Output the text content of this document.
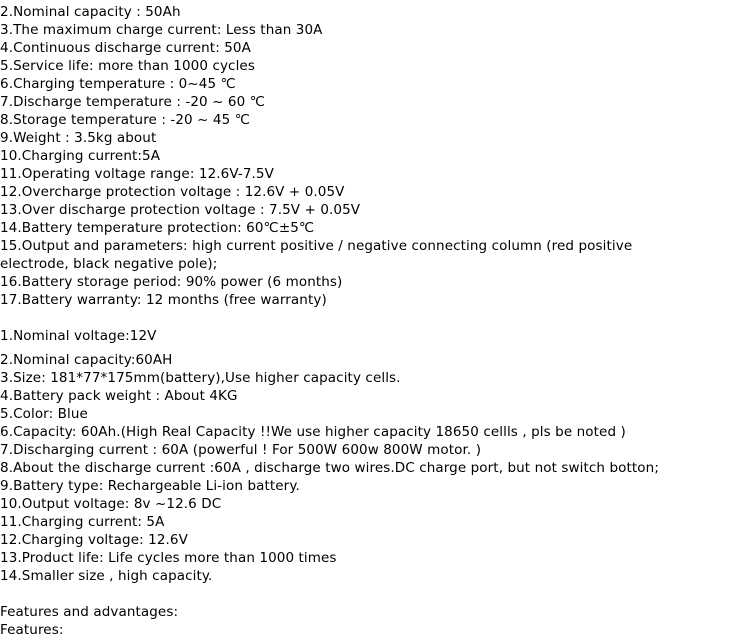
2.Nominal capacity : 50Ah
3.The maximum charge current: Less than 30A
4.Continuous discharge current: 50A
5.Service life: more than 1000 cycles
6.Charging temperature : 0~45 ℃
7.Discharge temperature : -20 ~ 60 ℃
8.Storage temperature : -20 ~ 45 ℃
9.Weight : 3.5kg about
10.Charging current:5A
11.Operating voltage range: 12.6V-7.5V
12.Overcharge protection voltage : 12.6V + 0.05V
13.Over discharge protection voltage : 7.5V + 0.05V
14.Battery temperature protection: 60℃±5℃
15.Output and parameters: high current positive / negative connecting column (red positive electrode, black negative pole);
16.Battery storage period: 90% power (6 months)
17.Battery warranty: 12 months (free warranty)
1.Nominal voltage:12V
2.Nominal capacity:60AH
3.Size: 181*77*175mm(battery),Use higher capacity cells.
4.Battery pack weight : About 4KG
5.Color: Blue
6.Capacity: 60Ah.(High Real Capacity !!We use higher capacity 18650 cellls , pls be noted )
7.Discharging current : 60A (powerful ! For 500W 600w 800W motor. )
8.About the discharge current :60A , discharge two wires.DC charge port, but not switch botton;
9.Battery type: Rechargeable Li-ion battery.
10.Output voltage: 8v ~12.6 DC
11.Charging current: 5A
12.Charging voltage: 12.6V
13.Product life: Life cycles more than 1000 times
14.Smaller size , high capacity.
Features and advantages:
Features:
